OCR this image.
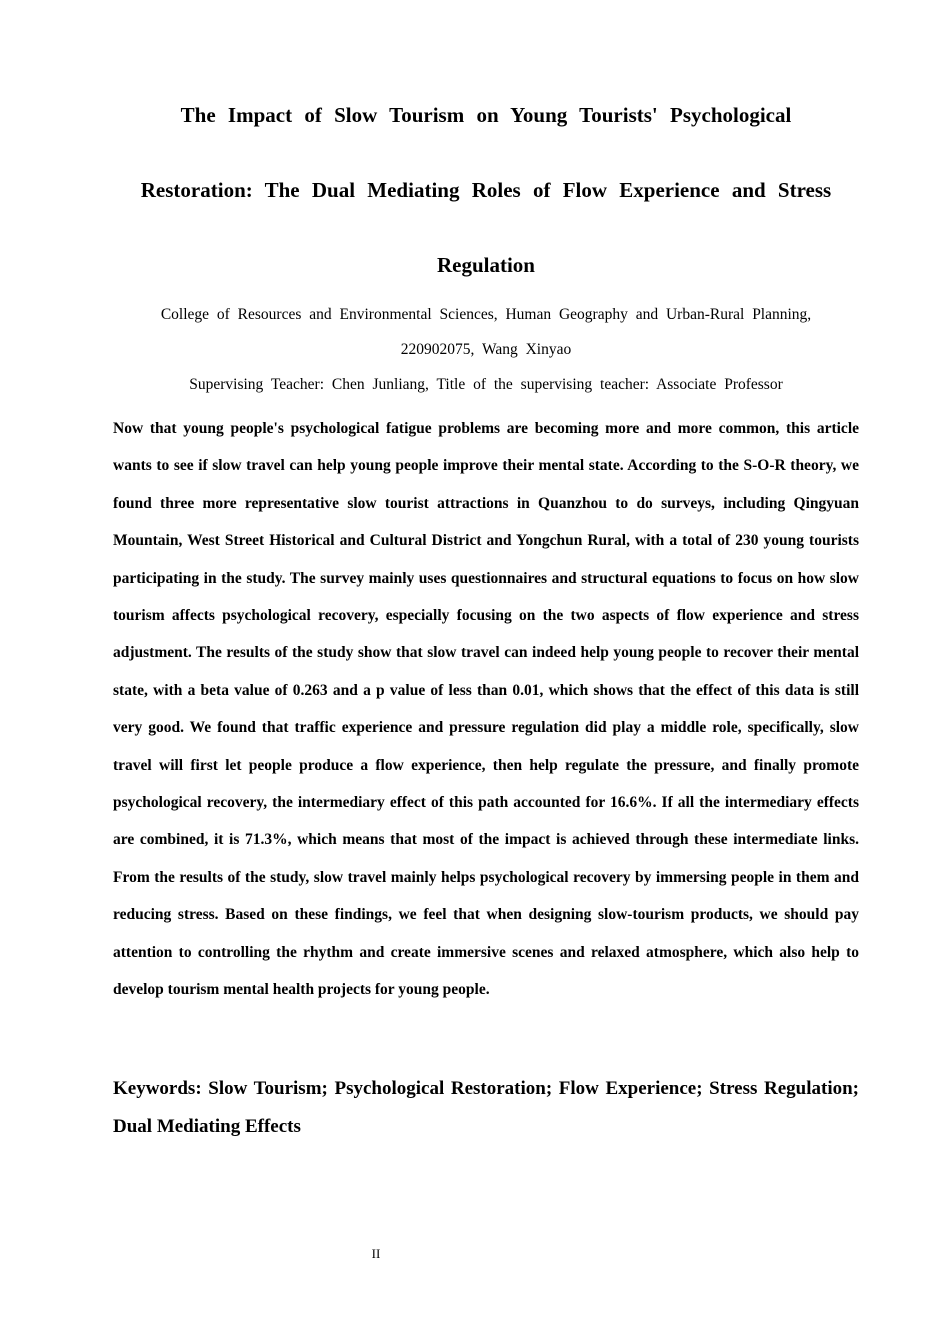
The Impact of Slow Tourism on Young Tourists' Psychological

Restoration: The Dual Mediating Roles of Flow Experience and Stress

Regulation

College of Resources and Environmental Sciences, Human Geography and Urban-Rural Planning,

220902075, Wang Xinyao

Supervising Teacher: Chen Junliang, Title of the supervising teacher: Associate Professor

Now that young people's psychological fatigue problems are becoming more and more common, this article wants to see if slow travel can help young people improve their mental state. According to the S-O-R theory, we found three more representative slow tourist attractions in Quanzhou to do surveys, including Qingyuan Mountain, West Street Historical and Cultural District and Yongchun Rural, with a total of 230 young tourists participating in the study. The survey mainly uses questionnaires and structural equations to focus on how slow tourism affects psychological recovery, especially focusing on the two aspects of flow experience and stress adjustment. The results of the study show that slow travel can indeed help young people to recover their mental state, with a beta value of 0.263 and a p value of less than 0.01, which shows that the effect of this data is still very good. We found that traffic experience and pressure regulation did play a middle role, specifically, slow travel will first let people produce a flow experience, then help regulate the pressure, and finally promote psychological recovery, the intermediary effect of this path accounted for 16.6%. If all the intermediary effects are combined, it is 71.3%, which means that most of the impact is achieved through these intermediate links. From the results of the study, slow travel mainly helps psychological recovery by immersing people in them and reducing stress. Based on these findings, we feel that when designing slow-tourism products, we should pay attention to controlling the rhythm and create immersive scenes and relaxed atmosphere, which also help to develop tourism mental health projects for young people.

Keywords: Slow Tourism; Psychological Restoration; Flow Experience; Stress Regulation; Dual Mediating Effects

II
